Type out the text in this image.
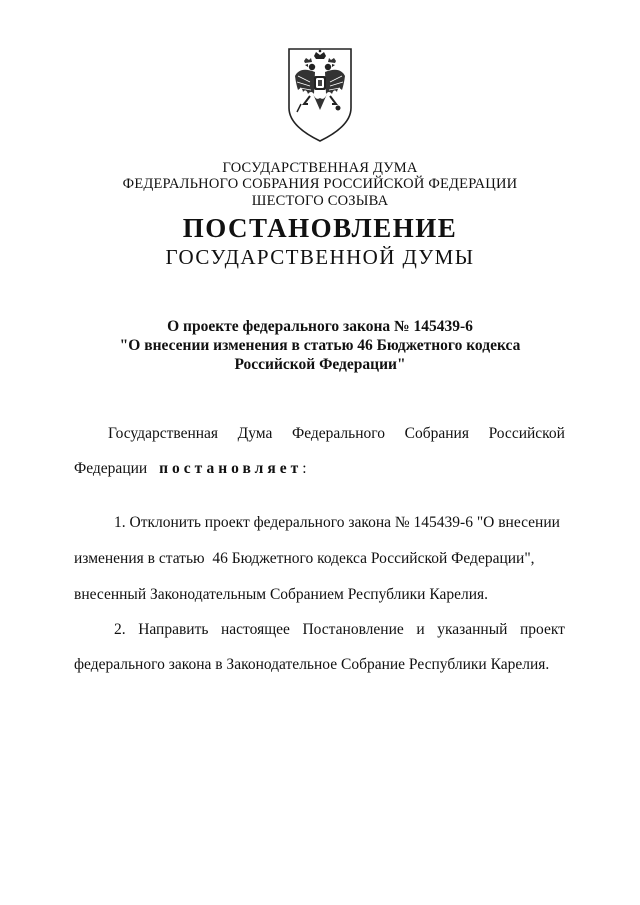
ГОСУДАРСТВЕННАЯ ДУМА
ФЕДЕРАЛЬНОГО СОБРАНИЯ РОССИЙСКОЙ ФЕДЕРАЦИИ
ШЕСТОГО СОЗЫВА
ПОСТАНОВЛЕНИЕ
ГОСУДАРСТВЕННОЙ ДУМЫ
О проекте федерального закона № 145439-6
"О внесении изменения в статью 46 Бюджетного кодекса
Российской Федерации"
Государственная Дума Федерального Собрания Российской
Федерации постановляет:
1. Отклонить проект федерального закона № 145439-6 "О внесении
изменения в статью  46 Бюджетного кодекса Российской Федерации",
внесенный Законодательным Собранием Республики Карелия.
2. Направить настоящее Постановление и указанный проект
федерального закона в Законодательное Собрание Республики Карелия.
